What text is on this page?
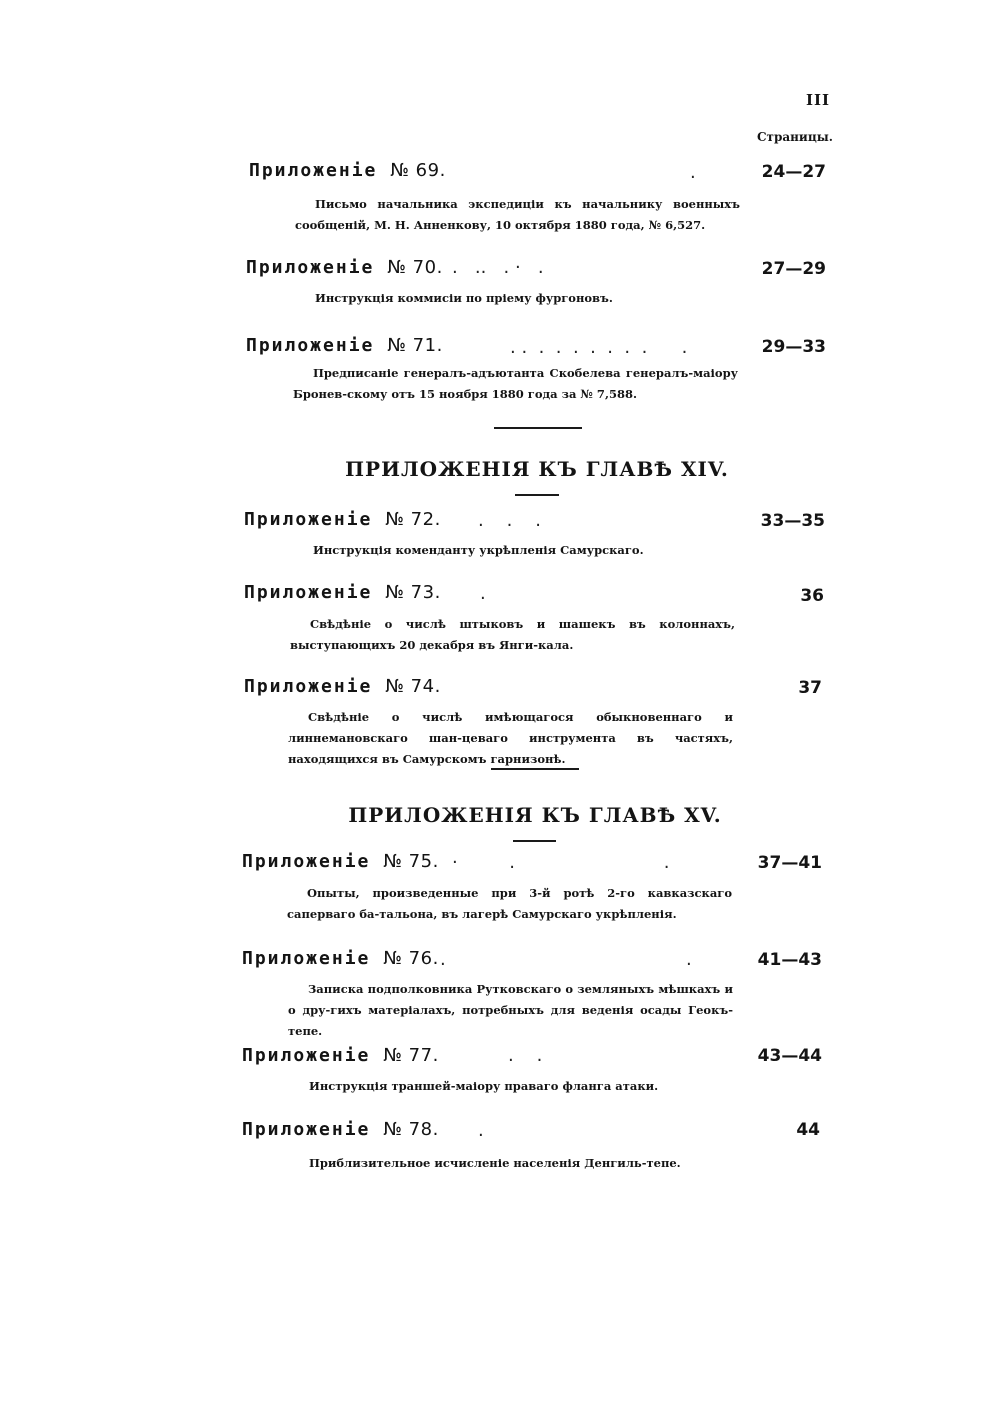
III
Страницы.
Приложеніе № 69.	.	24—27
Письмо начальника экспедиціи къ начальнику военныхъ сообщеній, М. Н. Анненкову, 10 октября 1880 года, № 6,527.
Приложеніе № 70. .   ..   . ·   .	27—29
Инструкція коммисіи по пріему фургоновъ.
Приложеніе № 71.	. .  .  .  .  .  .  .  .      .	29—33
Предписаніе генералъ-адъютанта Скобелева генералъ-маіору Бронев-скому отъ 15 ноября 1880 года за № 7,588.
ПРИЛОЖЕНІЯ КЪ ГЛАВѢ XIV.
Приложеніе № 72. .    .    .	33—35
Инструкція коменданту укрѣпленія Самурскаго.
Приложеніе № 73. .	36
Свѣдѣніе о числѣ штыковъ и шашекъ въ колоннахъ, выступающихъ 20 декабря въ Янги-кала.
Приложеніе № 74.	37
Свѣдѣніе о числѣ имѣющагося обыкновеннаго и линнемановскаго шан-цеваго инструмента въ частяхъ, находящихся въ Самурскомъ гарнизонѣ.
ПРИЛОЖЕНІЯ КЪ ГЛАВѢ XV.
Приложеніе № 75. ·         .                          .	37—41
Опыты, произведенные при 3-й ротѣ 2-го кавказскаго саперваго ба-тальона, въ лагерѣ Самурскаго укрѣпленія.
Приложеніе № 76. .                                          .	41—43
Записка подполковника Рутковскаго о земляныхъ мѣшкахъ и о дру-гихъ матеріалахъ, потребныхъ для веденія осады Геокъ-тепе.
Приложеніе № 77.	.    .	43—44
Инструкція траншей-маіору праваго фланга атаки.
Приложеніе № 78. .	44
Приблизительное исчисленіе населенія Денгиль-тепе.
